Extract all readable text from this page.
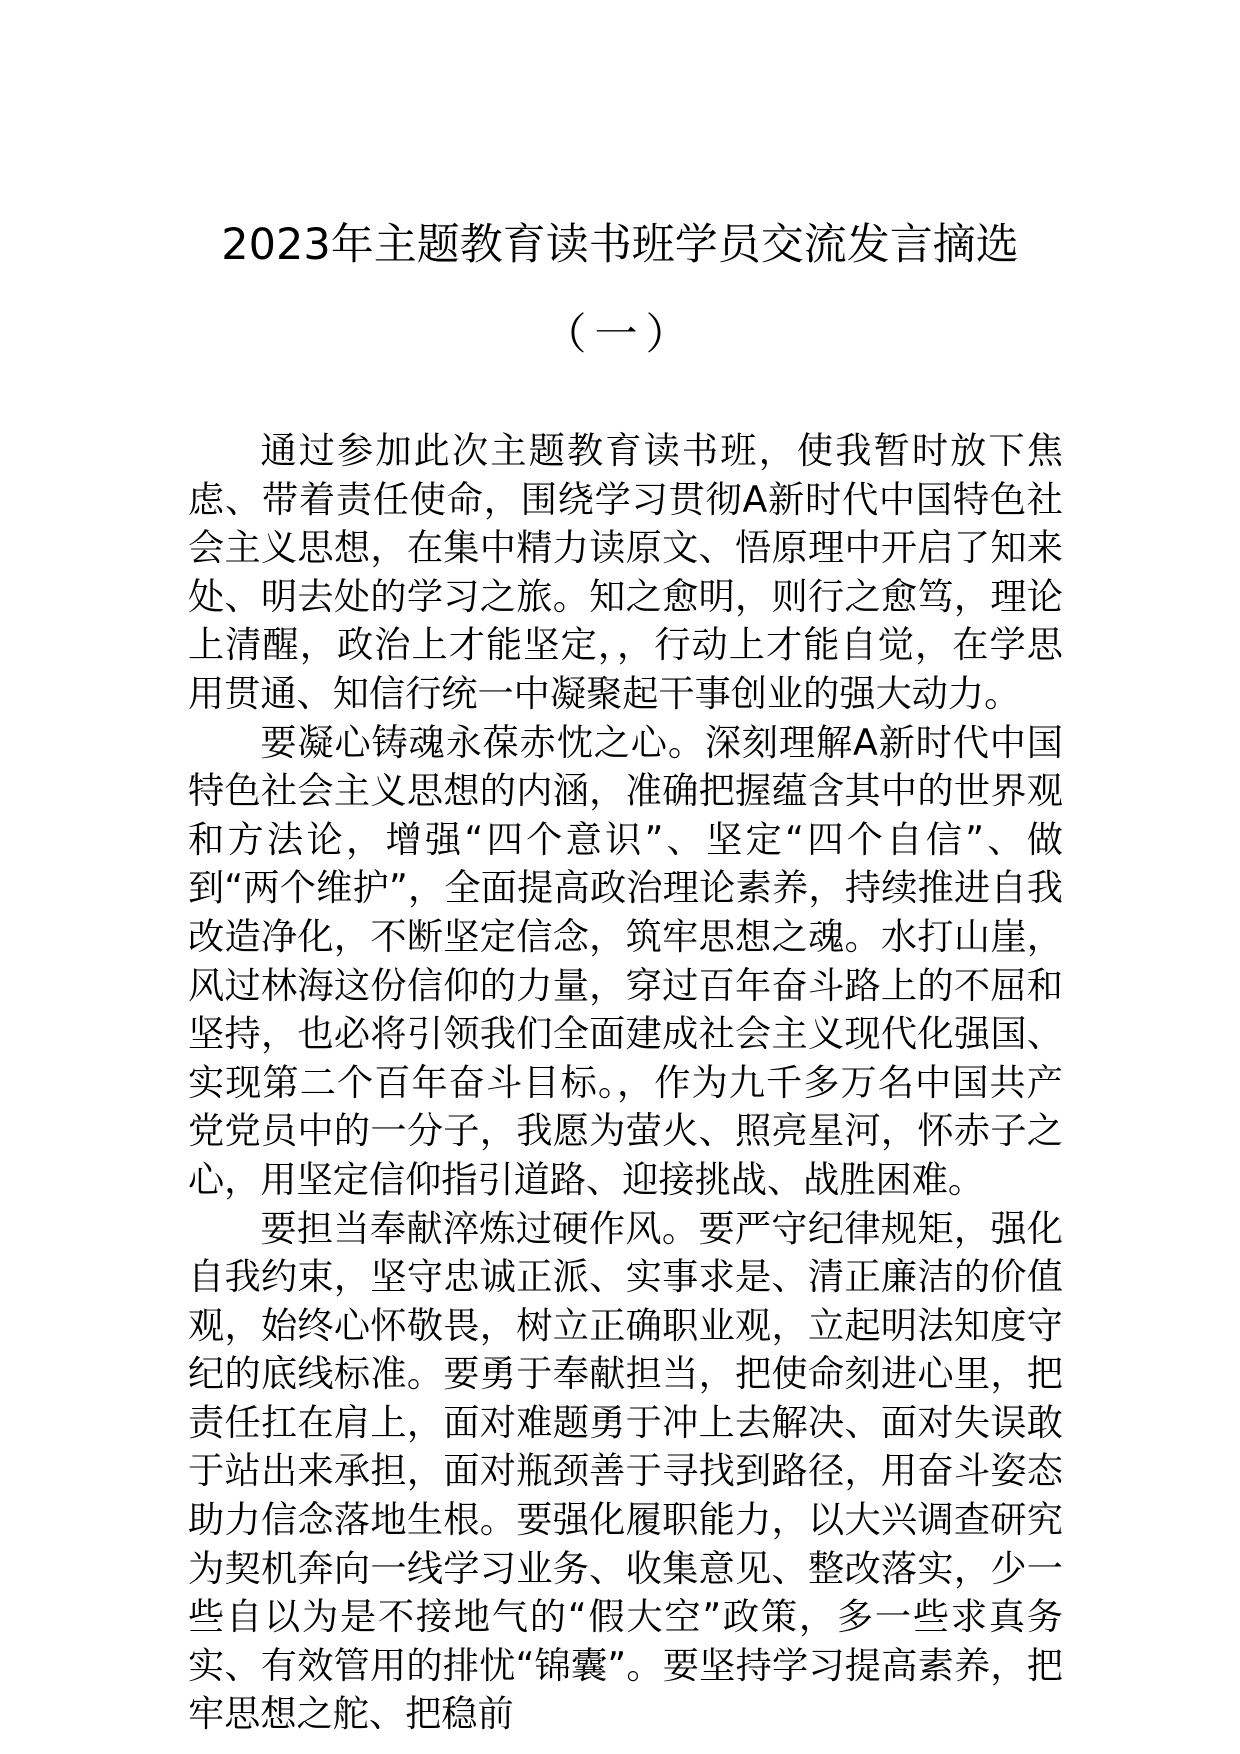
2023年主题教育读书班学员交流发言摘选
（一）

通过参加此次主题教育读书班，使我暂时放下焦虑、带着责任使命，围绕学习贯彻A新时代中国特色社会主义思想，在集中精力读原文、悟原理中开启了知来处、明去处的学习之旅。知之愈明，则行之愈笃，理论上清醒，政治上才能坚定，，行动上才能自觉，在学思用贯通、知信行统一中凝聚起干事创业的强大动力。

要凝心铸魂永葆赤忱之心。深刻理解A新时代中国特色社会主义思想的内涵，准确把握蕴含其中的世界观和方法论，增强“四个意识”、坚定“四个自信”、做到“两个维护”，全面提高政治理论素养，持续推进自我改造净化，不断坚定信念，筑牢思想之魂。水打山崖，风过林海这份信仰的力量，穿过百年奋斗路上的不屈和坚持，也必将引领我们全面建成社会主义现代化强国、实现第二个百年奋斗目标。，作为九千多万名中国共产党党员中的一分子，我愿为萤火、照亮星河，怀赤子之心，用坚定信仰指引道路、迎接挑战、战胜困难。

要担当奉献淬炼过硬作风。要严守纪律规矩，强化自我约束，坚守忠诚正派、实事求是、清正廉洁的价值观，始终心怀敬畏，树立正确职业观，立起明法知度守纪的底线标准。要勇于奉献担当，把使命刻进心里，把责任扛在肩上，面对难题勇于冲上去解决、面对失误敢于站出来承担，面对瓶颈善于寻找到路径，用奋斗姿态助力信念落地生根。要强化履职能力，以大兴调查研究为契机奔向一线学习业务、收集意见、整改落实，少一些自以为是不接地气的“假大空”政策，多一些求真务实、有效管用的排忧“锦囊”。要坚持学习提高素养，把牢思想之舵、把稳前
